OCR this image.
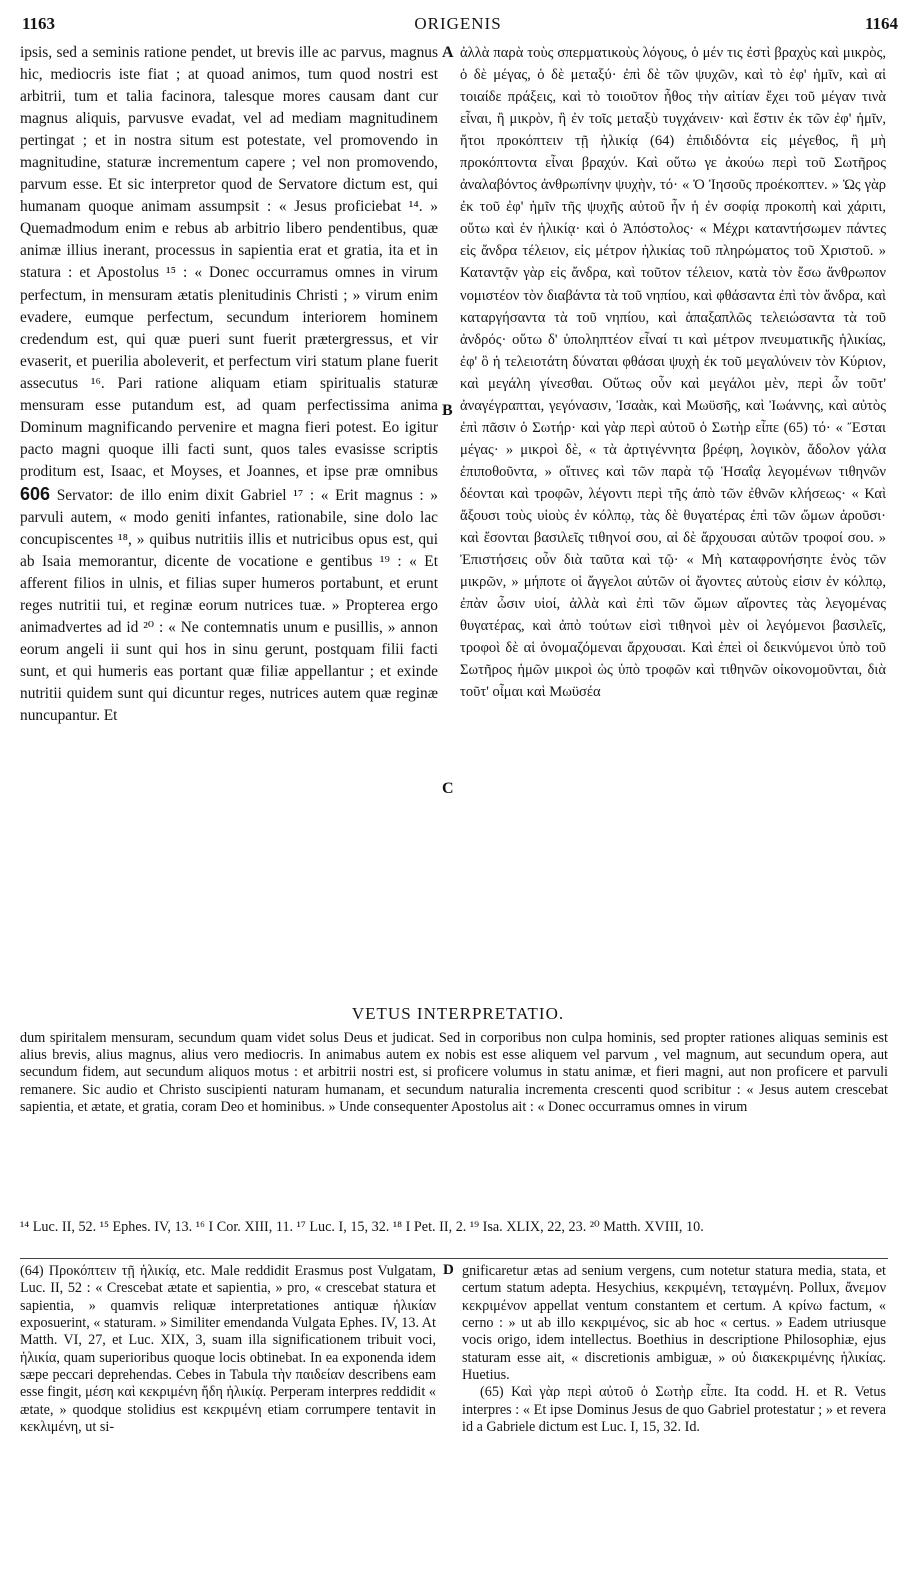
1163	ORIGENIS	1164

ipsis, sed a seminis ratione pendet, ut brevis ille ac parvus, magnus hic, mediocris iste fiat ; at quoad animos, tum quod nostri est arbitrii, tum et talia facinora, talesque mores causam dant cur magnus aliquis, parvusve evadat, vel ad mediam magnitudinem pertingat ; et in nostra situm est potestate, vel promovendo in magnitudine, staturæ incrementum capere ; vel non promovendo, parvum esse. Et sic interpretor quod de Servatore dictum est, qui humanam quoque animam assumpsit : « Jesus proficiebat ¹⁴. » Quemadmodum enim e rebus ab arbitrio libero pendentibus, quæ animæ illius inerant, processus in sapientia erat et gratia, ita et in statura : et Apostolus ¹⁵ : « Donec occurramus omnes in virum perfectum, in mensuram ætatis plenitudinis Christi ; » virum enim evadere, eumque perfectum, secundum interiorem hominem credendum est, qui quæ pueri sunt fuerit prætergressus, et vir evaserit, et puerilia aboleverit, et perfectum viri statum plane fuerit assecutus ¹⁶. Pari ratione aliquam etiam spiritualis staturæ mensuram esse putandum est, ad quam perfectissima anima Dominum magnificando pervenire et magna fieri potest. Eo igitur pacto magni quoque illi facti sunt, quos tales evasisse scriptis proditum est, Isaac, et Moyses, et Joannes, et ipse præ omnibus 606 Servator: de illo enim dixit Gabriel ¹⁷ : « Erit magnus : » parvuli autem, « modo geniti infantes, rationabile, sine dolo lac concupiscentes ¹⁸, » quibus nutritiis illis et nutricibus opus est, qui ab Isaia memorantur, dicente de vocatione e gentibus ¹⁹ : « Et afferent filios in ulnis, et filias super humeros portabunt, et erunt reges nutritii tui, et reginæ eorum nutrices tuæ. » Propterea ergo animadvertes ad id ²⁰ : « Ne contemnatis unum e pusillis, » annon eorum angeli ii sunt qui hos in sinu gerunt, postquam filii facti sunt, et qui humeris eas portant quæ filiæ appellantur ; et exinde nutritii quidem sunt qui dicuntur reges, nutrices autem quæ reginæ nuncupantur. Et

A
B
C

ἀλλὰ παρὰ τοὺς σπερματικοὺς λόγους, ὁ μέν τις ἐστὶ βραχὺς καὶ μικρὸς, ὁ δὲ μέγας, ὁ δὲ μεταξύ· ἐπὶ δὲ τῶν ψυχῶν, καὶ τὸ ἐφ' ἡμῖν, καὶ αἱ τοιαίδε πράξεις, καὶ τὸ τοιοῦτον ἦθος τὴν αἰτίαν ἔχει τοῦ μέγαν τινὰ εἶναι, ἢ μικρὸν, ἢ ἐν τοῖς μεταξὺ τυγχάνειν· καὶ ἔστιν ἐκ τῶν ἐφ' ἡμῖν, ἤτοι προκόπτειν τῇ ἡλικίᾳ (64) ἐπιδιδόντα εἰς μέγεθος, ἢ μὴ προκόπτοντα εἶναι βραχύν. Καὶ οὕτω γε ἀκούω περὶ τοῦ Σωτῆρος ἀναλαβόντος ἀνθρωπίνην ψυχὴν, τό· « Ὁ Ἰησοῦς προέκοπτεν. » Ὡς γὰρ ἐκ τοῦ ἐφ' ἡμῖν τῆς ψυχῆς αὐτοῦ ἦν ἡ ἐν σοφίᾳ προκοπὴ καὶ χάριτι, οὕτω καὶ ἐν ἡλικίᾳ· καὶ ὁ Ἀπόστολος· « Μέχρι καταντήσωμεν πάντες εἰς ἄνδρα τέλειον, εἰς μέτρον ἡλικίας τοῦ πληρώματος τοῦ Χριστοῦ. » Καταντᾷν γὰρ εἰς ἄνδρα, καὶ τοῦτον τέλειον, κατὰ τὸν ἔσω ἄνθρωπον νομιστέον τὸν διαβάντα τὰ τοῦ νηπίου, καὶ φθάσαντα ἐπὶ τὸν ἄνδρα, καὶ καταργήσαντα τὰ τοῦ νηπίου, καὶ ἁπαξαπλῶς τελειώσαντα τὰ τοῦ ἀνδρός· οὕτω δ' ὑποληπτέον εἶναί τι καὶ μέτρον πνευματικῆς ἡλικίας, ἐφ' ὃ ἡ τελειοτάτη δύναται φθάσαι ψυχὴ ἐκ τοῦ μεγαλύνειν τὸν Κύριον, καὶ μεγάλη γίνεσθαι. Οὕτως οὖν καὶ μεγάλοι μὲν, περὶ ὧν τοῦτ' ἀναγέγραπται, γεγόνασιν, Ἰσαὰκ, καὶ Μωϋσῆς, καὶ Ἰωάννης, καὶ αὐτὸς ἐπὶ πᾶσιν ὁ Σωτήρ· καὶ γὰρ περὶ αὐτοῦ ὁ Σωτὴρ εἶπε (65) τό· « Ἔσται μέγας· » μικροὶ δὲ, « τὰ ἀρτιγέννητα βρέφη, λογικὸν, ἄδολον γάλα ἐπιποθοῦντα, » οἵτινες καὶ τῶν παρὰ τῷ Ἡσαΐᾳ λεγομένων τιθηνῶν δέονται καὶ τροφῶν, λέγοντι περὶ τῆς ἀπὸ τῶν ἐθνῶν κλήσεως· « Καὶ ἄξουσι τοὺς υἱοὺς ἐν κόλπῳ, τὰς δὲ θυγατέρας ἐπὶ τῶν ὤμων ἀροῦσι· καὶ ἔσονται βασιλεῖς τιθηνοί σου, αἱ δὲ ἄρχουσαι αὐτῶν τροφοί σου. » Ἐπιστήσεις οὖν διὰ ταῦτα καὶ τῷ· « Μὴ καταφρονήσητε ἑνὸς τῶν μικρῶν, » μήποτε οἱ ἄγγελοι αὐτῶν οἱ ἄγοντες αὐτοὺς εἰσιν ἐν κόλπῳ, ἐπὰν ὦσιν υἱοί, ἀλλὰ καὶ ἐπὶ τῶν ὤμων αἴροντες τὰς λεγομένας θυγατέρας, καὶ ἀπὸ τούτων εἰσὶ τιθηνοὶ μὲν οἱ λεγόμενοι βασιλεῖς, τροφοὶ δὲ αἱ ὀνομαζόμεναι ἄρχουσαι. Καὶ ἐπεὶ οἱ δεικνύμενοι ὑπὸ τοῦ Σωτῆρος ἡμῶν μικροὶ ὡς ὑπὸ τροφῶν καὶ τιθηνῶν οἰκονομοῦνται, διὰ τοῦτ' οἶμαι καὶ Μωϋσέα

VETUS INTERPRETATIO.

dum spiritalem mensuram, secundum quam videt solus Deus et judicat. Sed in corporibus non culpa hominis, sed propter rationes aliquas seminis est alius brevis, alius magnus, alius vero mediocris. In animabus autem ex nobis est esse aliquem vel parvum , vel magnum, aut secundum opera, aut secundum fidem, aut secundum aliquos motus : et arbitrii nostri est, si proficere volumus in statu animæ, et fieri magni, aut non proficere et parvuli remanere. Sic audio et Christo suscipienti naturam humanam, et secundum naturalia incrementa crescenti quod scribitur : « Jesus autem crescebat sapientia, et ætate, et gratia, coram Deo et hominibus. » Unde consequenter Apostolus ait : « Donec occurramus omnes in virum

¹⁴ Luc. II, 52. ¹⁵ Ephes. IV, 13. ¹⁶ I Cor. XIII, 11. ¹⁷ Luc. I, 15, 32. ¹⁸ I Pet. II, 2. ¹⁹ Isa. XLIX, 22, 23. ²⁰ Matth. XVIII, 10.

(64) Προκόπτειν τῇ ἡλικίᾳ, etc. Male reddidit Erasmus post Vulgatam, Luc. II, 52 : « Crescebat ætate et sapientia, » pro, « crescebat statura et sapientia, » quamvis reliquæ interpretationes antiquæ ἡλικίαν exposuerint, « staturam. » Similiter emendanda Vulgata Ephes. IV, 13. At Matth. VI, 27, et Luc. XIX, 3, suam illa significationem tribuit voci, ἡλικία, quam superioribus quoque locis obtinebat. In ea exponenda idem sæpe peccari deprehendas. Cebes in Tabula τὴν παιδείαν describens eam esse fingit, μέση καὶ κεκριμένη ἤδη ἡλικίᾳ. Perperam interpres reddidit « ætate, » quodque stolidius est κεκριμένη etiam corrumpere tentavit in κεκλιμένη, ut si-

D gnificaretur ætas ad senium vergens, cum notetur statura media, stata, et certum statum adepta. Hesychius, κεκριμένη, τεταγμένη. Pollux, ἄνεμον κεκριμένον appellat ventum constantem et certum. A κρίνω factum, « cerno : » ut ab illo κεκριμένος, sic ab hoc « certus. » Eadem utriusque vocis origo, idem intellectus. Boethius in descriptione Philosophiæ, ejus staturam esse ait, « discretionis ambiguæ, » οὐ διακεκριμένης ἡλικίας. Huetius.

(65) Καὶ γὰρ περὶ αὐτοῦ ὁ Σωτὴρ εἶπε. Ita codd. H. et R. Vetus interpres : « Et ipse Dominus Jesus de quo Gabriel protestatur ; » et revera id a Gabriele dictum est Luc. I, 15, 32. Id.
